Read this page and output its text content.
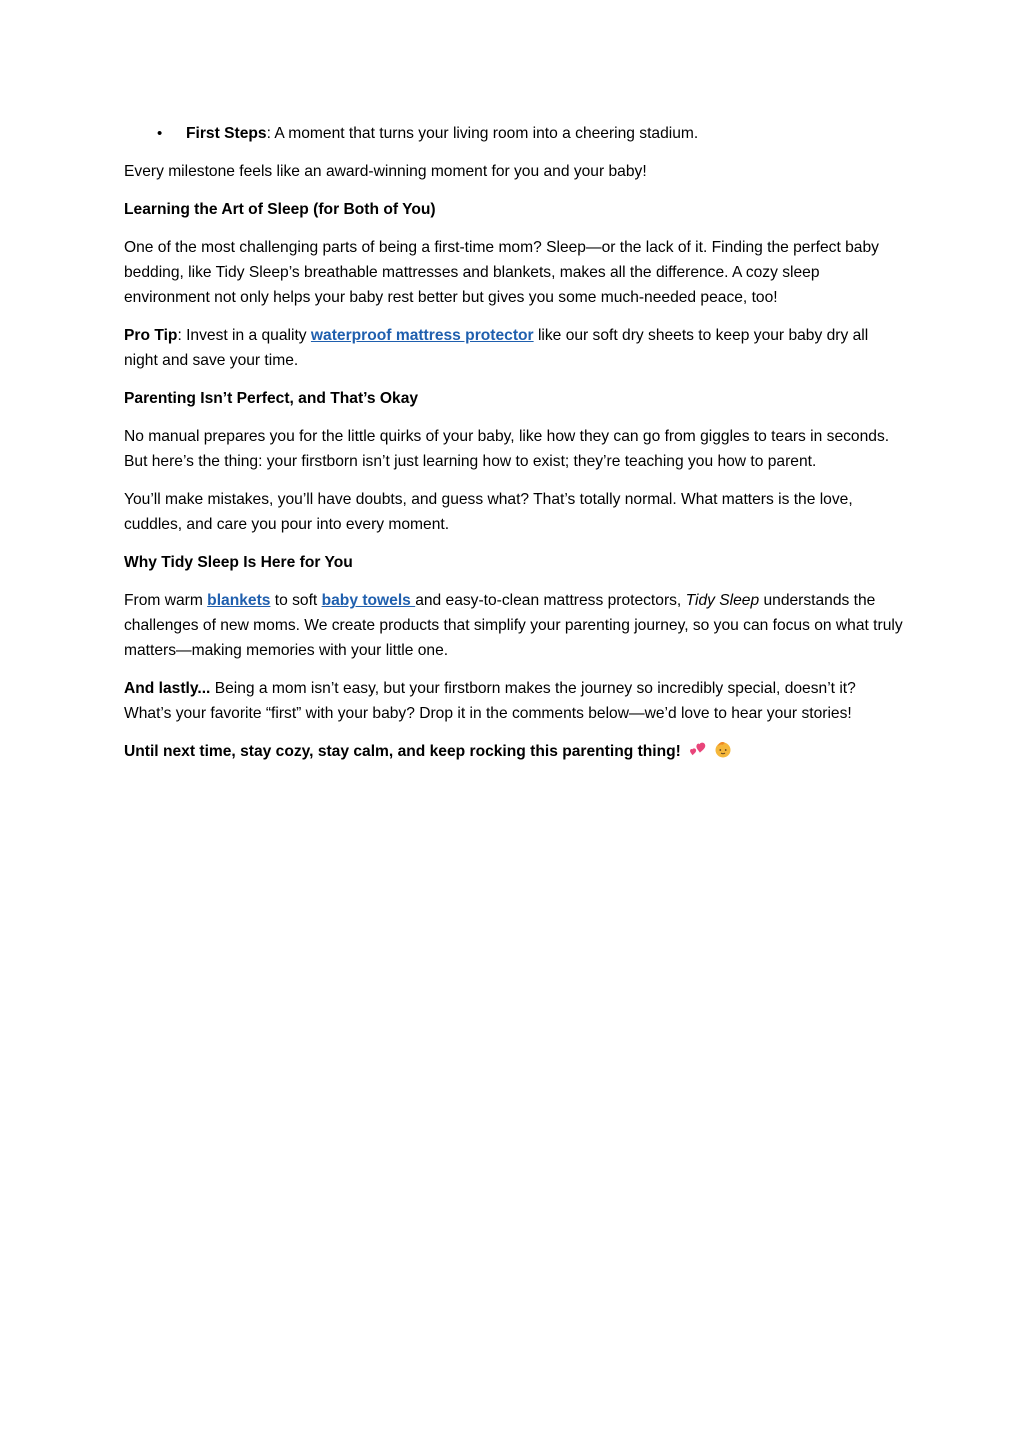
• First Steps: A moment that turns your living room into a cheering stadium.

Every milestone feels like an award-winning moment for you and your baby!

Learning the Art of Sleep (for Both of You)

One of the most challenging parts of being a first-time mom? Sleep—or the lack of it. Finding the perfect baby bedding, like Tidy Sleep’s breathable mattresses and blankets, makes all the difference. A cozy sleep environment not only helps your baby rest better but gives you some much-needed peace, too!

Pro Tip: Invest in a quality waterproof mattress protector like our soft dry sheets to keep your baby dry all night and save your time.

Parenting Isn’t Perfect, and That’s Okay

No manual prepares you for the little quirks of your baby, like how they can go from giggles to tears in seconds. But here’s the thing: your firstborn isn’t just learning how to exist; they’re teaching you how to parent.

You’ll make mistakes, you’ll have doubts, and guess what? That’s totally normal. What matters is the love, cuddles, and care you pour into every moment.

Why Tidy Sleep Is Here for You

From warm blankets to soft baby towels and easy-to-clean mattress protectors, Tidy Sleep understands the challenges of new moms. We create products that simplify your parenting journey, so you can focus on what truly matters—making memories with your little one.

And lastly... Being a mom isn’t easy, but your firstborn makes the journey so incredibly special, doesn’t it? What’s your favorite “first” with your baby? Drop it in the comments below—we’d love to hear your stories!

Until next time, stay cozy, stay calm, and keep rocking this parenting thing!
